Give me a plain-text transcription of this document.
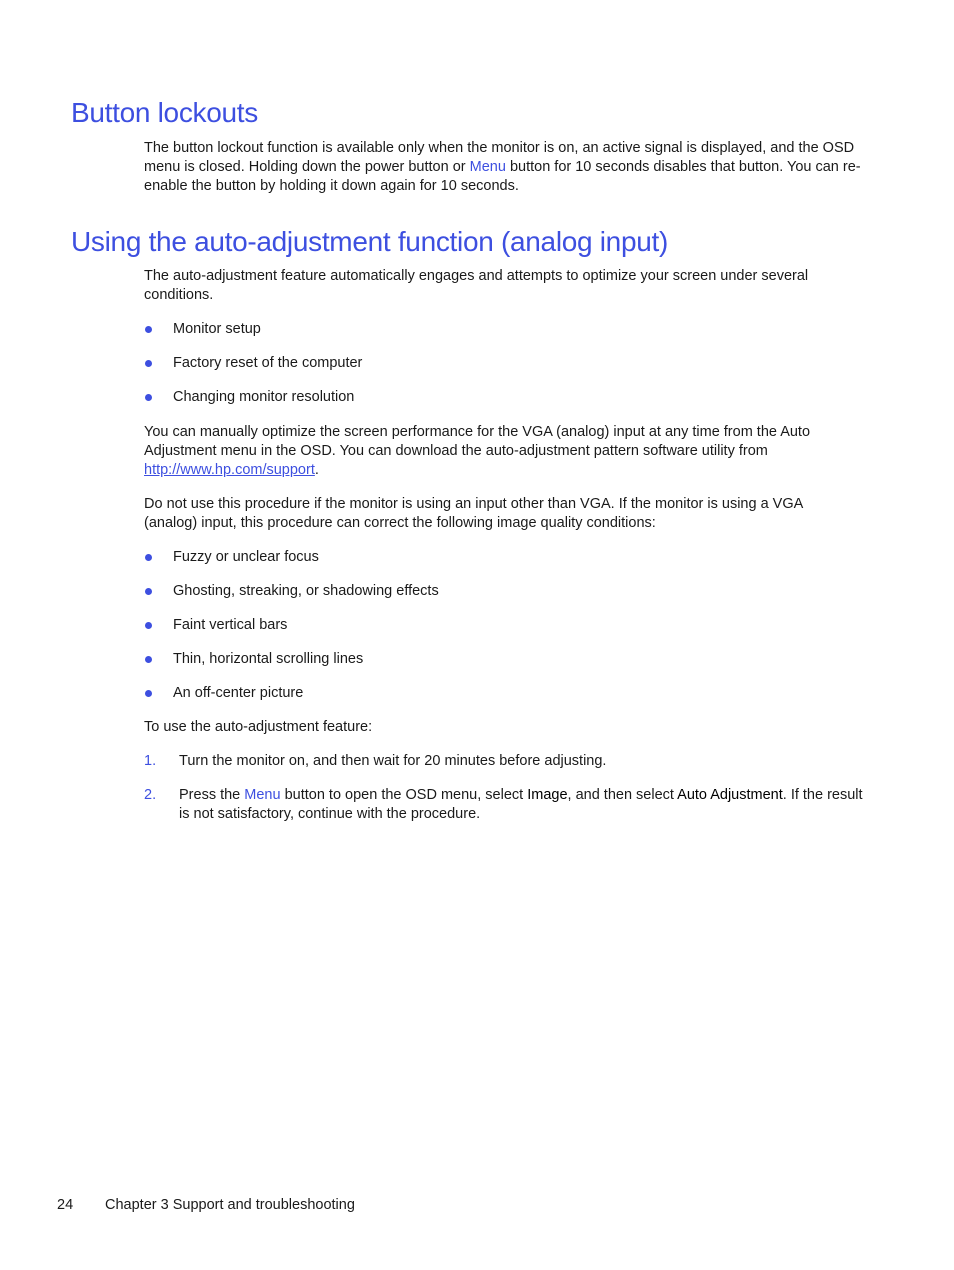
Button lockouts

The button lockout function is available only when the monitor is on, an active signal is displayed, and the OSD menu is closed. Holding down the power button or Menu button for 10 seconds disables that button. You can re-enable the button by holding it down again for 10 seconds.

Using the auto-adjustment function (analog input)

The auto-adjustment feature automatically engages and attempts to optimize your screen under several conditions.

Monitor setup
Factory reset of the computer
Changing monitor resolution

You can manually optimize the screen performance for the VGA (analog) input at any time from the Auto Adjustment menu in the OSD. You can download the auto-adjustment pattern software utility from http://www.hp.com/support.

Do not use this procedure if the monitor is using an input other than VGA. If the monitor is using a VGA (analog) input, this procedure can correct the following image quality conditions:

Fuzzy or unclear focus
Ghosting, streaking, or shadowing effects
Faint vertical bars
Thin, horizontal scrolling lines
An off-center picture

To use the auto-adjustment feature:

1. Turn the monitor on, and then wait for 20 minutes before adjusting.
2. Press the Menu button to open the OSD menu, select Image, and then select Auto Adjustment. If the result is not satisfactory, continue with the procedure.
24 Chapter 3 Support and troubleshooting
